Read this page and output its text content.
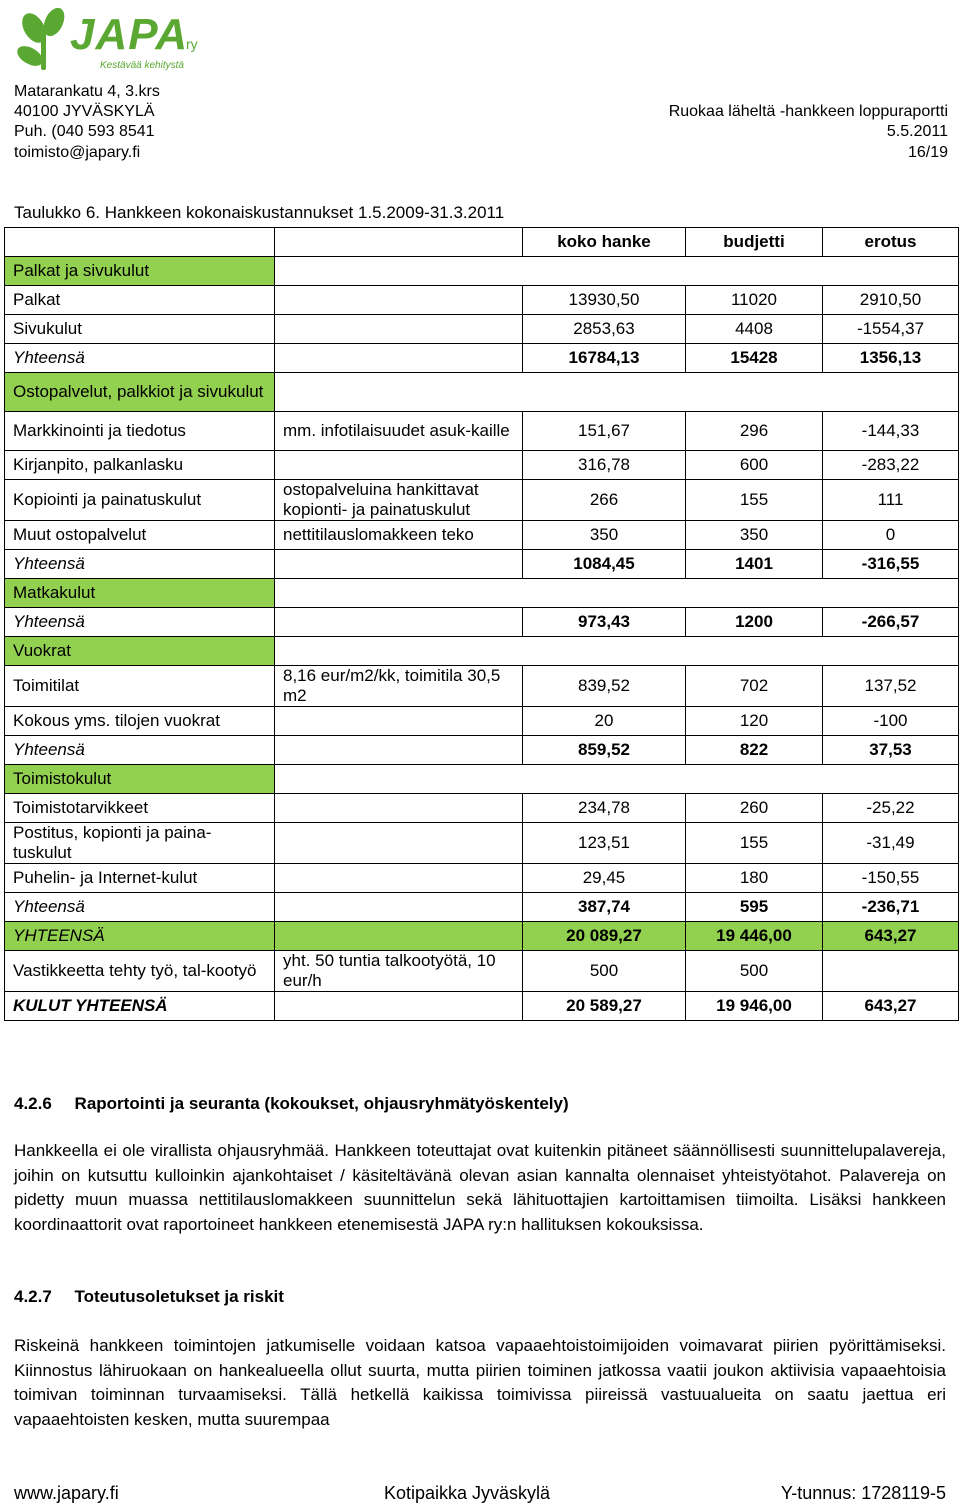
JAPA
ry
Kestävää kehitystä
Matarankatu 4, 3.krs
40100 JYVÄSKYLÄ
Puh. (040 593 8541
toimisto@japary.fi
Ruokaa läheltä -hankkeen loppuraportti
5.5.2011
16/19
Taulukko 6. Hankkeen kokonaiskustannukset 1.5.2009-31.3.2011
		koko hanke	budjetti	erotus
Palkat ja sivukulut				
Palkat		13930,50	11020	2910,50
Sivukulut		2853,63	4408	-1554,37
Yhteensä		16784,13	15428	1356,13
Ostopalvelut, palkkiot ja sivukulut				
Markkinointi ja tiedotus	mm. infotilaisuudet asuk-kaille	151,67	296	-144,33
Kirjanpito, palkanlasku		316,78	600	-283,22
Kopiointi ja painatuskulut	ostopalveluina hankittavat kopionti- ja painatuskulut	266	155	111
Muut ostopalvelut	nettitilauslomakkeen teko	350	350	0
Yhteensä		1084,45	1401	-316,55
Matkakulut				
Yhteensä		973,43	1200	-266,57
Vuokrat				
Toimitilat	8,16 eur/m2/kk, toimitila 30,5 m2	839,52	702	137,52
Kokous yms. tilojen vuokrat		20	120	-100
Yhteensä		859,52	822	37,53
Toimistokulut				
Toimistotarvikkeet		234,78	260	-25,22
Postitus, kopionti ja paina-tuskulut		123,51	155	-31,49
Puhelin- ja Internet-kulut		29,45	180	-150,55
Yhteensä		387,74	595	-236,71
YHTEENSÄ		20 089,27	19 446,00	643,27
Vastikkeetta tehty työ, tal-kootyö	yht. 50 tuntia talkootyötä, 10 eur/h	500	500	
KULUT YHTEENSÄ		20 589,27	19 946,00	643,27
4.2.6 Raportointi ja seuranta (kokoukset, ohjausryhmätyöskentely)
Hankkeella ei ole virallista ohjausryhmää. Hankkeen toteuttajat ovat kuitenkin pitäneet säännöllisesti suunnittelupalavereja, joihin on kutsuttu kulloinkin ajankohtaiset / käsiteltävänä olevan asian kannalta olennaiset yhteistyötahot. Palavereja on pidetty muun muassa nettitilauslomakkeen suunnittelun sekä lähituottajien kartoittamisen tiimoilta. Lisäksi hankkeen koordinaattorit ovat raportoineet hankkeen etenemisestä JAPA ry:n hallituksen kokouksissa.
4.2.7 Toteutusoletukset ja riskit
Riskeinä hankkeen toimintojen jatkumiselle voidaan katsoa vapaaehtoistoimijoiden voimavarat piirien pyörittämiseksi. Kiinnostus lähiruokaan on hankealueella ollut suurta, mutta piirien toiminen jatkossa vaatii joukon aktiivisia vapaaehtoisia toimivan toiminnan turvaamiseksi. Tällä hetkellä kaikissa toimivissa piireissä vastuualueita on saatu jaettua eri vapaaehtoisten kesken, mutta suurempaa
www.japary.fi	Kotipaikka Jyväskylä	Y-tunnus: 1728119-5
